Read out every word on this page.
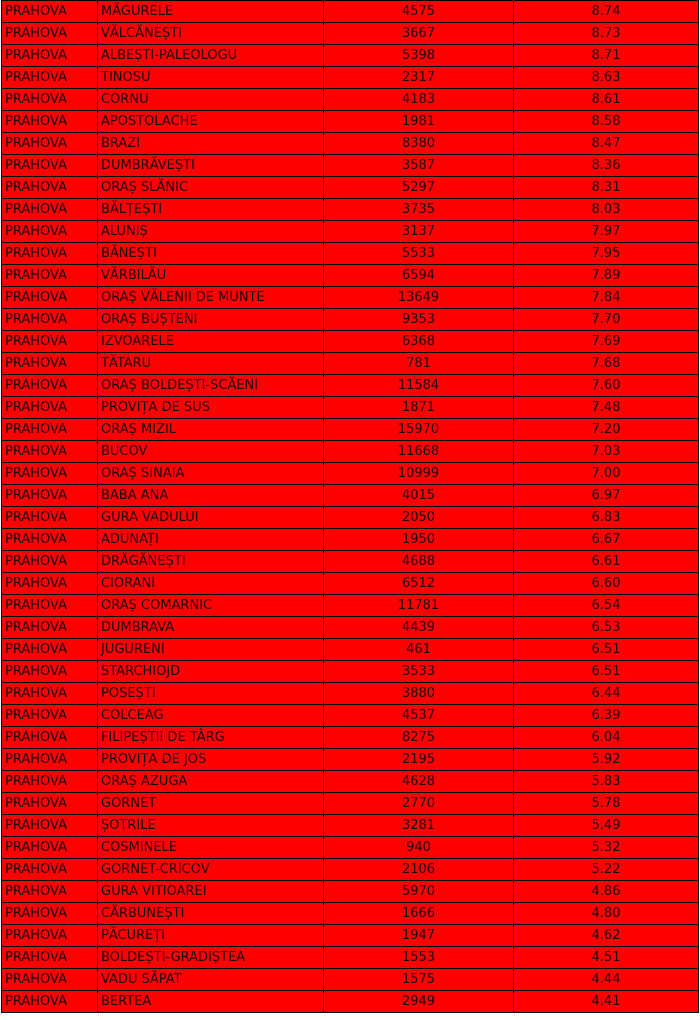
PRAHOVA	MĂGURELE	4575	8.74
PRAHOVA	VĂLCĂNEȘTI	3667	8.73
PRAHOVA	ALBEȘTI-PALEOLOGU	5398	8.71
PRAHOVA	TINOSU	2317	8.63
PRAHOVA	CORNU	4183	8.61
PRAHOVA	APOSTOLACHE	1981	8.58
PRAHOVA	BRAZI	8380	8.47
PRAHOVA	DUMBRĂVEȘTI	3587	8.36
PRAHOVA	ORAȘ SLĂNIC	5297	8.31
PRAHOVA	BĂLȚEȘTI	3735	8.03
PRAHOVA	ALUNIȘ	3137	7.97
PRAHOVA	BĂNEȘTI	5533	7.95
PRAHOVA	VĂRBILĂU	6594	7.89
PRAHOVA	ORAȘ VĂLENII DE MUNTE	13649	7.84
PRAHOVA	ORAȘ BUȘTENI	9353	7.70
PRAHOVA	IZVOARELE	6368	7.69
PRAHOVA	TĂTARU	781	7.68
PRAHOVA	ORAȘ BOLDEȘTI-SCĂENI	11584	7.60
PRAHOVA	PROVIȚA DE SUS	1871	7.48
PRAHOVA	ORAȘ MIZIL	15970	7.20
PRAHOVA	BUCOV	11668	7.03
PRAHOVA	ORAȘ SINAIA	10999	7.00
PRAHOVA	BABA ANA	4015	6.97
PRAHOVA	GURA VADULUI	2050	6.83
PRAHOVA	ADUNAȚI	1950	6.67
PRAHOVA	DRĂGĂNEȘTI	4688	6.61
PRAHOVA	CIORANI	6512	6.60
PRAHOVA	ORAȘ COMARNIC	11781	6.54
PRAHOVA	DUMBRAVA	4439	6.53
PRAHOVA	JUGURENI	461	6.51
PRAHOVA	STARCHIOJD	3533	6.51
PRAHOVA	POSEȘTI	3880	6.44
PRAHOVA	COLCEAG	4537	6.39
PRAHOVA	FILIPEȘTII DE TÂRG	8275	6.04
PRAHOVA	PROVIȚA DE JOS	2195	5.92
PRAHOVA	ORAȘ AZUGA	4628	5.83
PRAHOVA	GORNET	2770	5.78
PRAHOVA	ȘOTRILE	3281	5.49
PRAHOVA	COSMINELE	940	5.32
PRAHOVA	GORNET-CRICOV	2106	5.22
PRAHOVA	GURA VITIOAREI	5970	4.86
PRAHOVA	CĂRBUNEȘTI	1666	4.80
PRAHOVA	PĂCUREȚI	1947	4.62
PRAHOVA	BOLDEȘTI-GRADIȘTEA	1553	4.51
PRAHOVA	VADU SĂPAT	1575	4.44
PRAHOVA	BERTEA	2949	4.41
